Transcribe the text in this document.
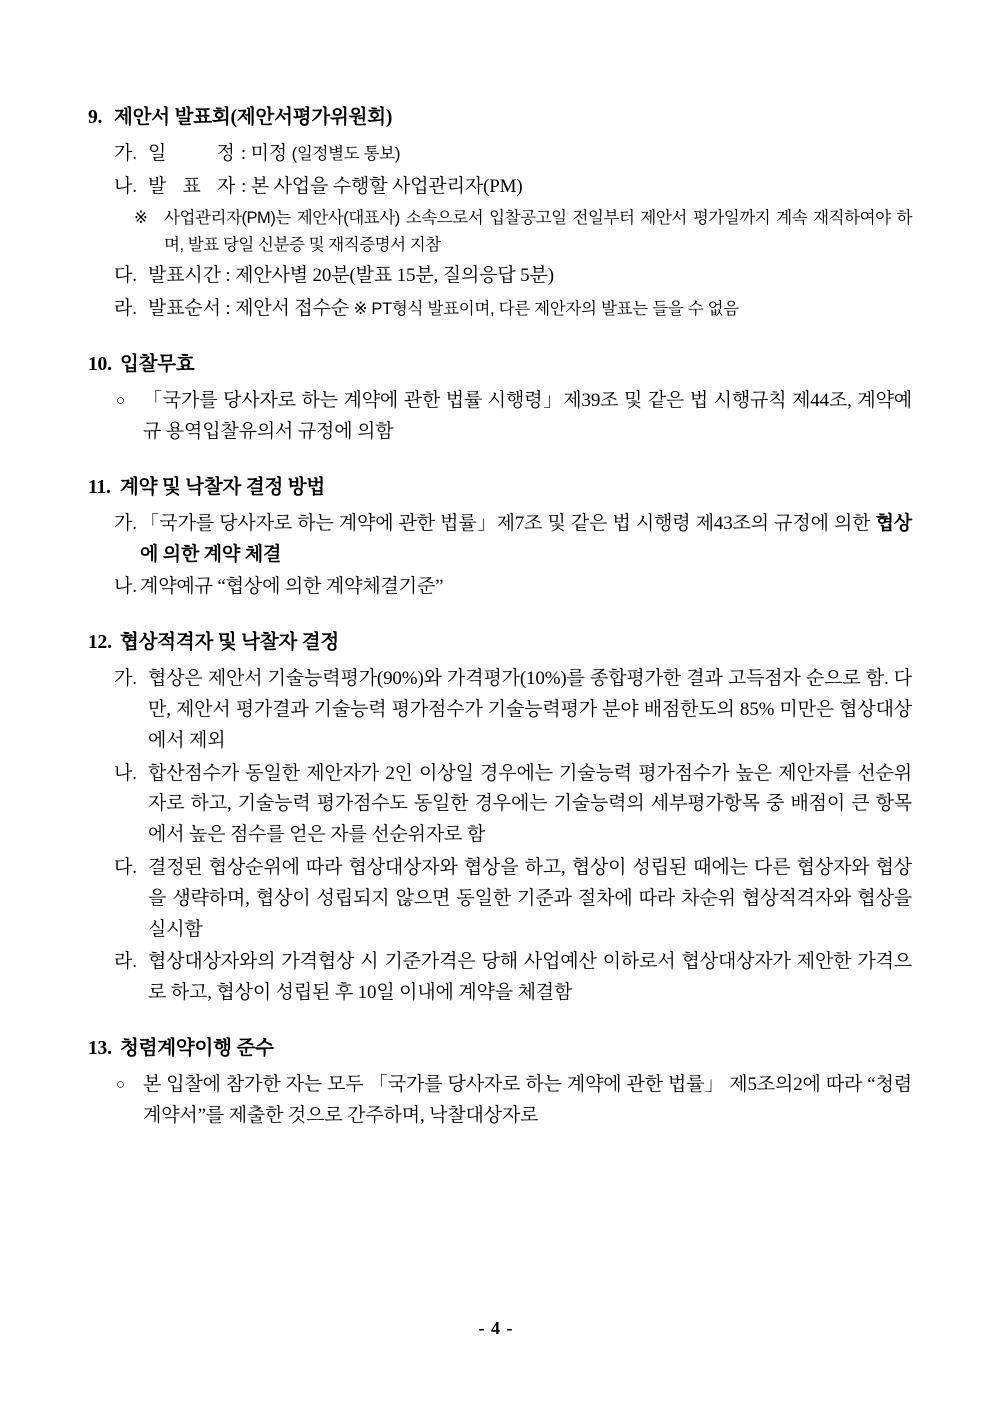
9. 제안서 발표회(제안서평가위원회)
가. 일 정: 미정 (일정별도 통보)
나. 발 표 자: 본 사업을 수행할 사업관리자(PM)
※	사업관리자(PM)는 제안사(대표사) 소속으로서 입찰공고일 전일부터 제안서 평가일까지 계속 재직하여야 하며, 발표 당일 신분증 및 재직증명서 지참
다. 발표시간 : 제안사별 20분(발표 15분, 질의응답 5분)
라. 발표순서 : 제안서 접수순 ※ PT형식 발표이며, 다른 제안자의 발표는 들을 수 없음
10. 입찰무효
○ 「국가를 당사자로 하는 계약에 관한 법률 시행령」제39조 및 같은 법 시행규칙 제44조, 계약예규 용역입찰유의서 규정에 의함
11. 계약 및 낙찰자 결정 방법
가. 「국가를 당사자로 하는 계약에 관한 법률」제7조 및 같은 법 시행령 제43조의 규정에 의한 협상에 의한 계약 체결
나. 계약예규 “협상에 의한 계약체결기준”
12. 협상적격자 및 낙찰자 결정
가. 협상은 제안서 기술능력평가(90%)와 가격평가(10%)를 종합평가한 결과 고득점자 순으로 함. 다만, 제안서 평가결과 기술능력 평가점수가 기술능력평가 분야 배점한도의 85% 미만은 협상대상에서 제외
나. 합산점수가 동일한 제안자가 2인 이상일 경우에는 기술능력 평가점수가 높은 제안자를 선순위자로 하고, 기술능력 평가점수도 동일한 경우에는 기술능력의 세부평가항목 중 배점이 큰 항목에서 높은 점수를 얻은 자를 선순위자로 함
다. 결정된 협상순위에 따라 협상대상자와 협상을 하고, 협상이 성립된 때에는 다른 협상자와 협상을 생략하며, 협상이 성립되지 않으면 동일한 기준과 절차에 따라 차순위 협상적격자와 협상을 실시함
라. 협상대상자와의 가격협상 시 기준가격은 당해 사업예산 이하로서 협상대상자가 제안한 가격으로 하고, 협상이 성립된 후 10일 이내에 계약을 체결함
13. 청렴계약이행 준수
○ 본 입찰에 참가한 자는 모두 「국가를 당사자로 하는 계약에 관한 법률」 제5조의2에 따라 “청렴계약서”를 제출한 것으로 간주하며, 낙찰대상자로
- 4 -
